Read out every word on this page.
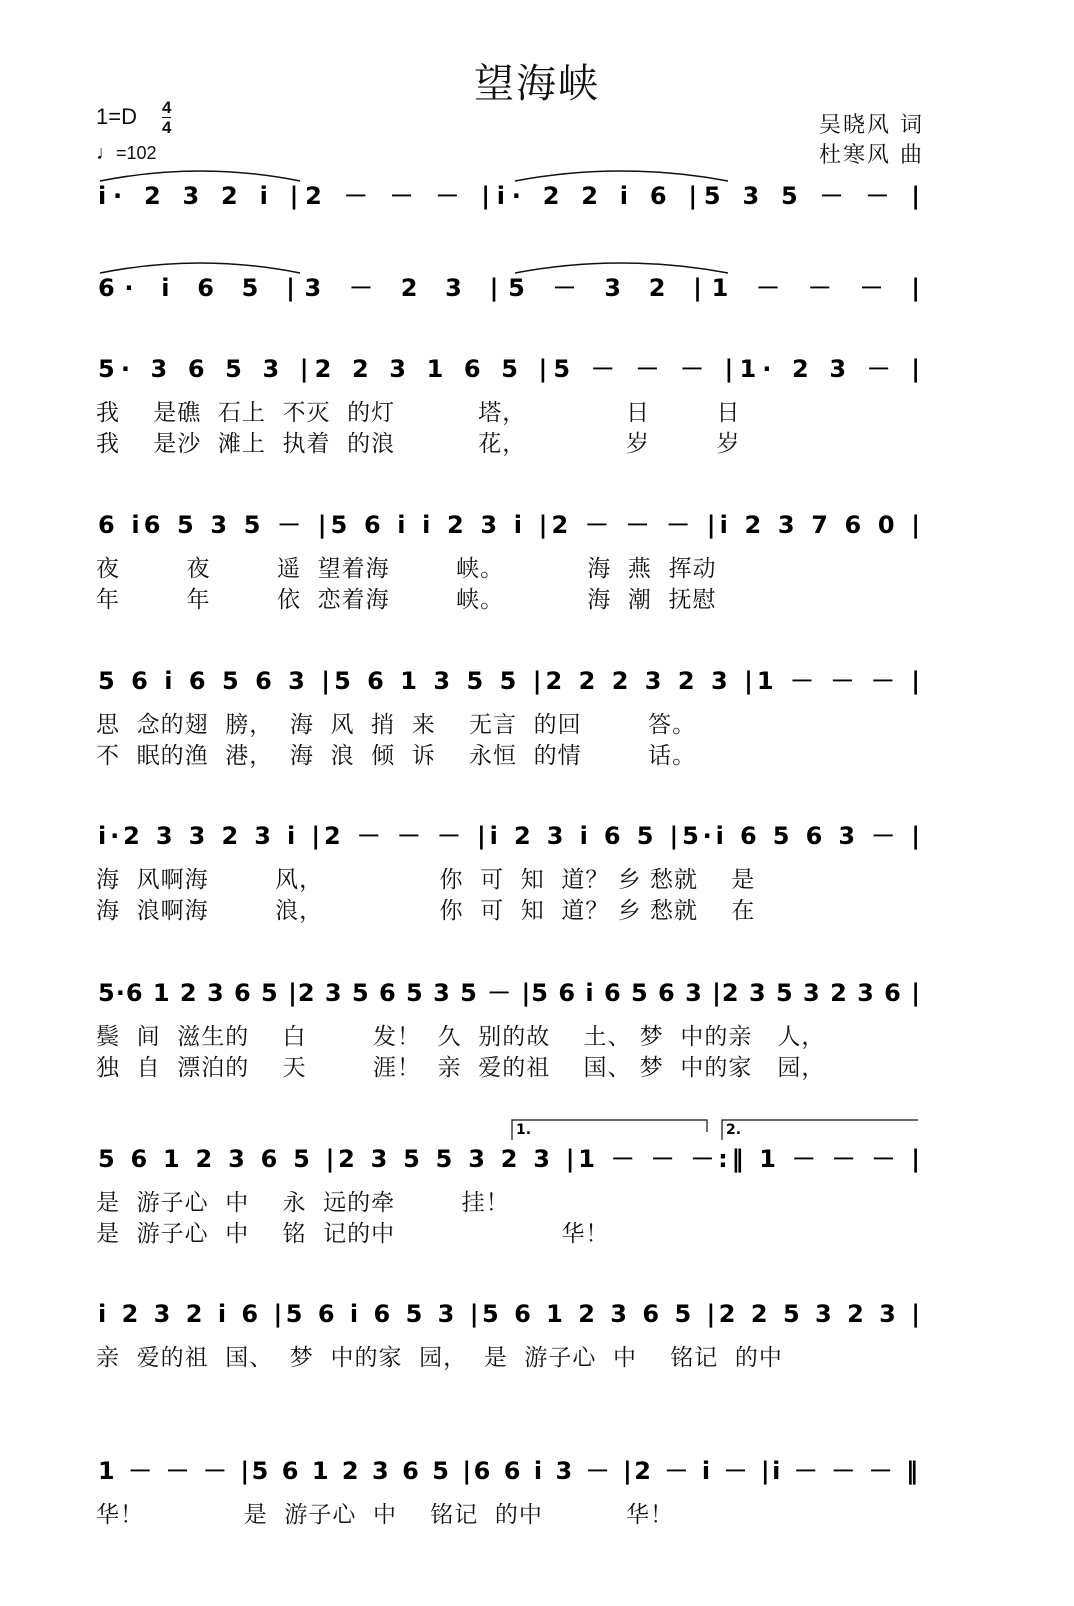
望海峡
1=D 4
4
♩=102
吴晓风 词
杜寒风 曲
i· 2 3 2 i |2 － － － |i· 2 2 i 6 |5 3 5 － － |
6· i 6 5 |3 － 2 3 |5 － 3 2 |1 － － － |
5· 3 6 5 3 |2 2 3 1 6 5 |5 － － － |1· 2 3 － |
6 i6 5 3 5 － |5 6 i i 2 3 i |2 － － － |i 2 3 7 6 0 |
5 6 i 6 5 6 3 |5 6 1 3 5 5 |2 2 2 3 2 3 |1 － － － |
i·2 3 3 2 3 i |2 － － － |i 2 3 i 6 5 |5·i 6 5 6 3 － |
5·6 1 2 3 6 5 |2 3 5 6 5 3 5 － |5 6 i 6 5 6 3 |2 3 5 3 2 3 6 |
5 6 1 2 3 6 5 |2 3 5 5 3 2 3 |1 － － －:‖ 1 － － － |
i 2 3 2 i 6 |5 6 i 6 5 3 |5 6 1 2 3 6 5 |2 2 5 3 2 3 |
1 － － － |5 6 1 2 3 6 5 |6 6 i 3 － |2 － i － |i － － － ‖
1.	2.
我    是礁  石上  不灭  的灯          塔，            日        日
我    是沙  滩上  执着  的浪          花，            岁        岁
夜        夜        遥  望着海        峡。          海  燕  挥动
年        年        依  恋着海        峡。          海  潮  抚慰
思  念的翅  膀，  海  风  捎  来    无言  的回        答。
不  眠的渔  港，  海  浪  倾  诉    永恒  的情        话。
海  风啊海        风，              你  可  知  道？ 乡 愁就    是
海  浪啊海        浪，              你  可  知  道？ 乡 愁就    在
鬓  间  滋生的    白        发！  久  别的故    土、 梦  中的亲   人，
独  自  漂泊的    天        涯！  亲  爱的祖    国、 梦  中的家   园，
是  游子心  中    永  远的牵        挂！
是  游子心  中    铭  记的中                    华！
亲  爱的祖  国、  梦  中的家  园，  是  游子心  中    铭记  的中
华！            是  游子心  中    铭记  的中          华！
